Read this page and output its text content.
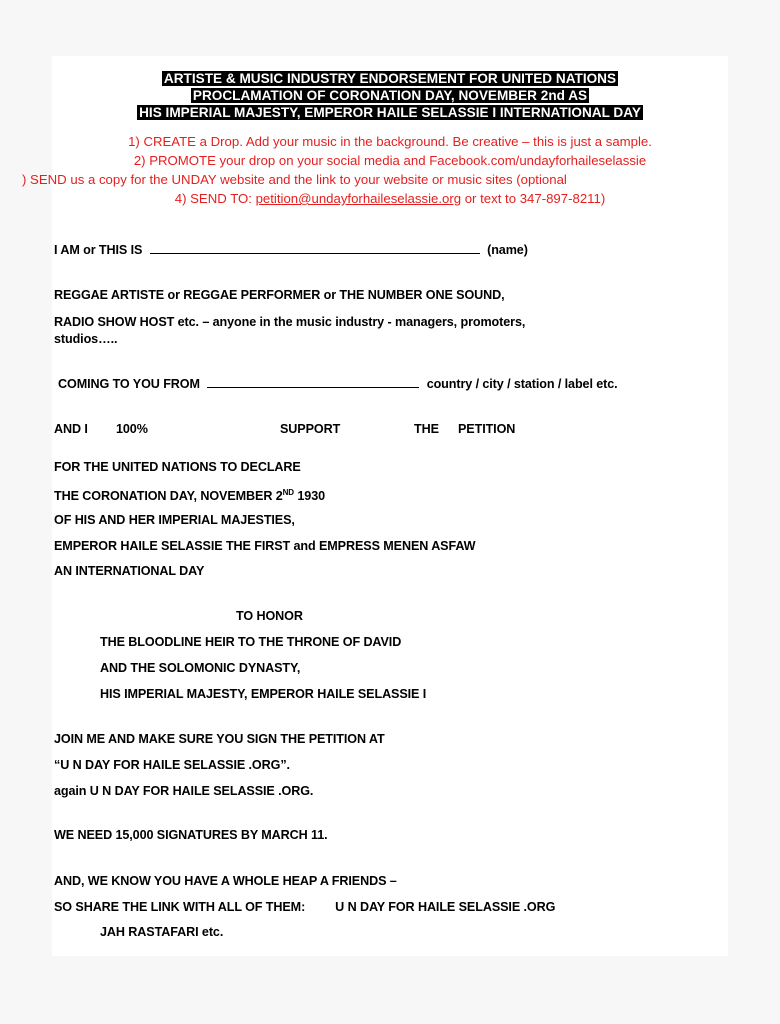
ARTISTE & MUSIC INDUSTRY ENDORSEMENT FOR UNITED NATIONS
PROCLAMATION OF CORONATION DAY, NOVEMBER 2nd AS
HIS IMPERIAL MAJESTY, EMPEROR HAILE SELASSIE I INTERNATIONAL DAY
1) CREATE a Drop. Add your music in the background. Be creative – this is just a sample.
2) PROMOTE your drop on your social media and Facebook.com/undayforhaileselassie
) SEND us a copy for the UNDAY website and the link to your website or music sites (optional
4) SEND TO: petition@undayforhaileselassie.org or text to 347-897-8211)
I AM or THIS IS	(name)
REGGAE ARTISTE or REGGAE PERFORMER or THE NUMBER ONE SOUND,
RADIO SHOW HOST etc. – anyone in the music industry - managers, promoters,
studios…..
COMING TO YOU FROM	country / city / station / label etc.
AND I 100%	SUPPORT	THE PETITION
FOR THE UNITED NATIONS TO DECLARE
THE CORONATION DAY, NOVEMBER 2ND 1930
OF HIS AND HER IMPERIAL MAJESTIES,
EMPEROR HAILE SELASSIE THE FIRST and EMPRESS MENEN ASFAW
AN INTERNATIONAL DAY
TO HONOR
THE BLOODLINE HEIR TO THE THRONE OF DAVID
AND THE SOLOMONIC DYNASTY,
HIS IMPERIAL MAJESTY, EMPEROR HAILE SELASSIE I
JOIN ME AND MAKE SURE YOU SIGN THE PETITION AT
“U N DAY FOR HAILE SELASSIE .ORG”.
again U N DAY FOR HAILE SELASSIE .ORG.
WE NEED 15,000 SIGNATURES BY MARCH 11.
AND, WE KNOW YOU HAVE A WHOLE HEAP A FRIENDS –
SO SHARE THE LINK WITH ALL OF THEM: U N DAY FOR HAILE SELASSIE .ORG
JAH RASTAFARI etc.
